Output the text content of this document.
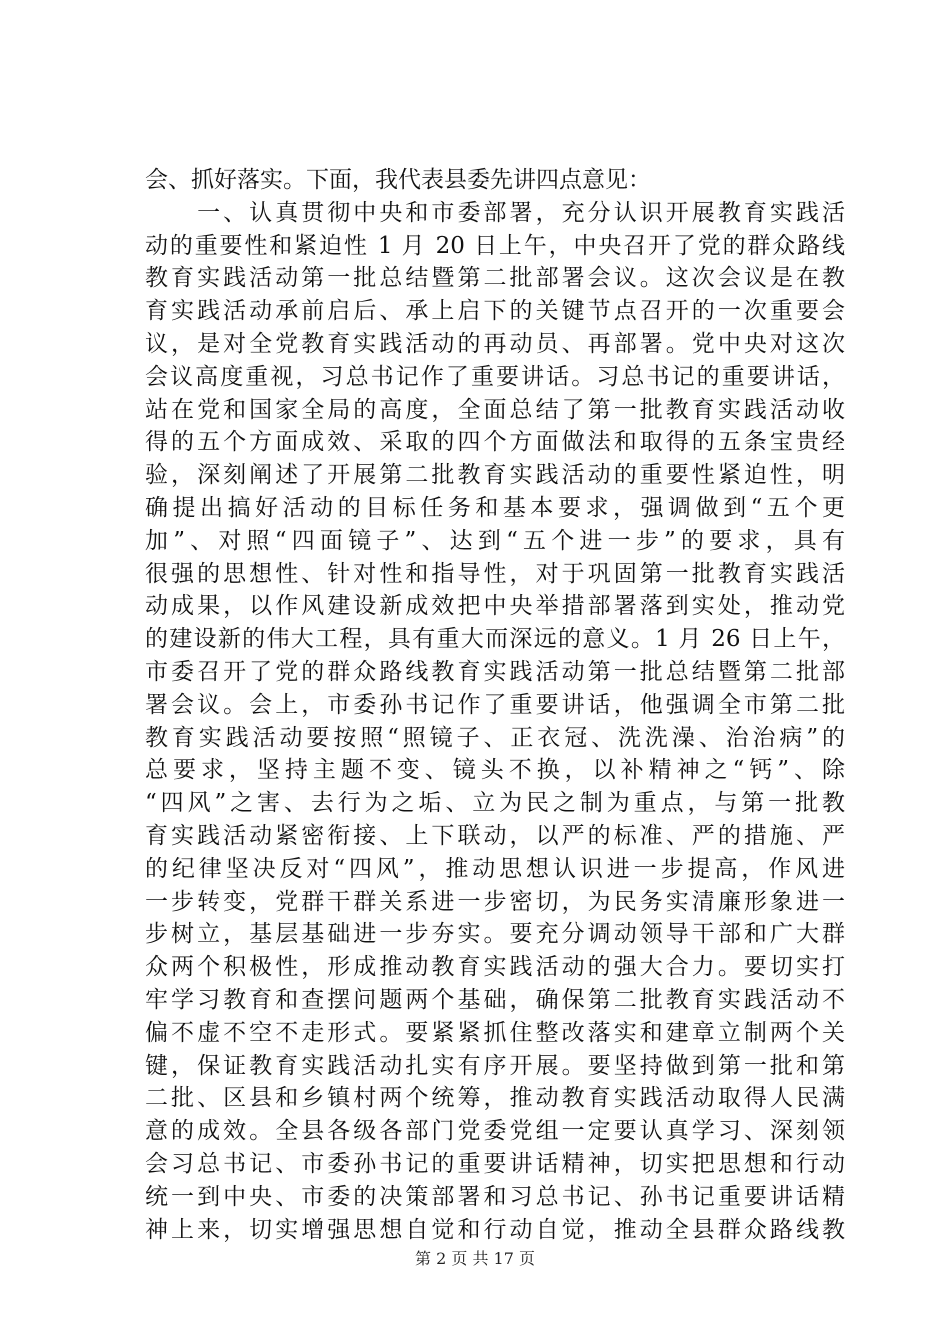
会、抓好落实。下面，我代表县委先讲四点意见：
　　一、认真贯彻中央和市委部署，充分认识开展教育实践活
动的重要性和紧迫性 1 月 20 日上午，中央召开了党的群众路线
教育实践活动第一批总结暨第二批部署会议。这次会议是在教
育实践活动承前启后、承上启下的关键节点召开的一次重要会
议，是对全党教育实践活动的再动员、再部署。党中央对这次
会议高度重视，习总书记作了重要讲话。习总书记的重要讲话，
站在党和国家全局的高度，全面总结了第一批教育实践活动收
得的五个方面成效、采取的四个方面做法和取得的五条宝贵经
验，深刻阐述了开展第二批教育实践活动的重要性紧迫性，明
确提出搞好活动的目标任务和基本要求，强调做到“五个更
加”、对照“四面镜子”、达到“五个进一步”的要求，具有
很强的思想性、针对性和指导性，对于巩固第一批教育实践活
动成果，以作风建设新成效把中央举措部署落到实处，推动党
的建设新的伟大工程，具有重大而深远的意义。1 月 26 日上午，
市委召开了党的群众路线教育实践活动第一批总结暨第二批部
署会议。会上，市委孙书记作了重要讲话，他强调全市第二批
教育实践活动要按照“照镜子、正衣冠、洗洗澡、治治病”的
总要求，坚持主题不变、镜头不换，以补精神之“钙”、除
“四风”之害、去行为之垢、立为民之制为重点，与第一批教
育实践活动紧密衔接、上下联动，以严的标准、严的措施、严
的纪律坚决反对“四风”，推动思想认识进一步提高，作风进
一步转变，党群干群关系进一步密切，为民务实清廉形象进一
步树立，基层基础进一步夯实。要充分调动领导干部和广大群
众两个积极性，形成推动教育实践活动的强大合力。要切实打
牢学习教育和查摆问题两个基础，确保第二批教育实践活动不
偏不虚不空不走形式。要紧紧抓住整改落实和建章立制两个关
键，保证教育实践活动扎实有序开展。要坚持做到第一批和第
二批、区县和乡镇村两个统筹，推动教育实践活动取得人民满
意的成效。全县各级各部门党委党组一定要认真学习、深刻领
会习总书记、市委孙书记的重要讲话精神，切实把思想和行动
统一到中央、市委的决策部署和习总书记、孙书记重要讲话精
神上来，切实增强思想自觉和行动自觉，推动全县群众路线教
第 2 页 共 17 页
